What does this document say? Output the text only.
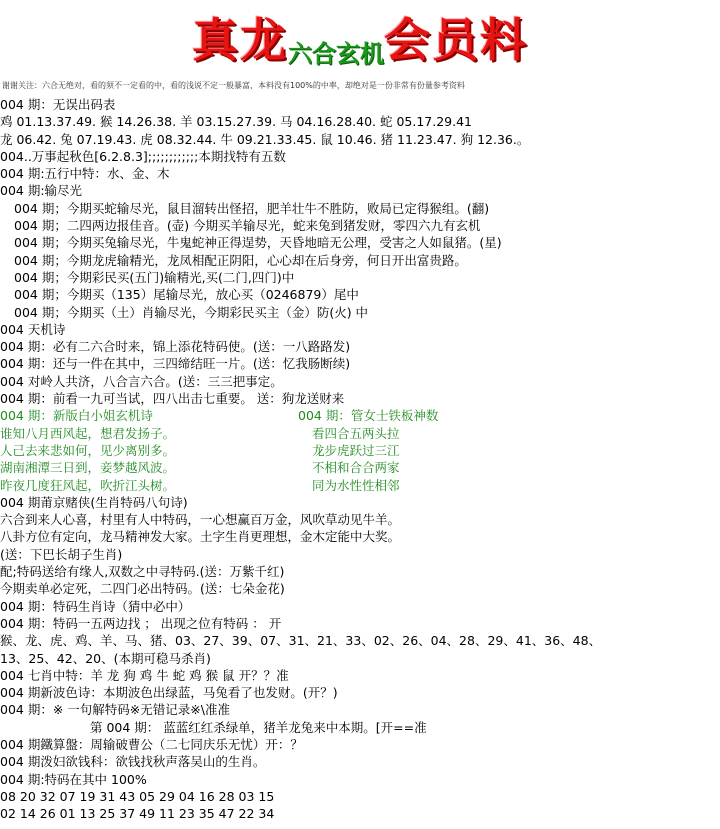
真龙六合玄机会员料
谢谢关注：六合无绝对，看的须不一定看的中，看的浅说不定一般暴富，本料没有100%的中率，却绝对是一份非常有份量参考资料
004 期：无误出码表
鸡 01.13.37.49. 猴 14.26.38. 羊 03.15.27.39. 马 04.16.28.40. 蛇 05.17.29.41
龙 06.42. 兔 07.19.43. 虎 08.32.44. 牛 09.21.33.45. 鼠 10.46. 猪 11.23.47. 狗 12.36.。
004..万事起秋色[6.2.8.3];;;;;;;;;;;;本期找特有五数
004 期:五行中特：水、金、木
004 期:输尽光
004 期；今期买蛇输尽光，鼠目溜转出怪招，肥羊壮牛不胜防，败局已定得猴组。(翻)
004 期；二四两边报佳音。(壶) 今期买羊输尽光，蛇来兔到猪发财，零四六九有玄机
004 期；今期买兔输尽光，牛鬼蛇神正得逞势，天昏地暗无公理，受害之人如鼠猪。(星)
004 期；今期龙虎输精光，龙凤相配正阴阳，心心却在后身旁，何日开出富贵路。
004 期；今期彩民买(五门)输精光,买(二门,四门)中
004 期；今期买（135）尾输尽光，放心买（0246879）尾中
004 期；今期买（土）肖输尽光，今期彩民买主（金）防(火) 中
004 天机诗
004 期：必有二六合时来，锦上添花特码使。(送：一八路路发)
004 期：还与一件在其中，三四缔结旺一片。(送：忆我肠断续)
004 对岭人共济，八合言六合。(送：三三把事定。
004 期：前看一九可当试，四八出击七重要。 送：狗龙送财来
004 期：新版白小姐玄机诗	004 期：管女士铁板神数
谁知八月西风起，想君发扬子。	看四合五两头拉
人己去来悲如何，见少离别多。	龙步虎跃过三江
湖南湘潭三日到，妾梦越风波。	不相和合合两家
昨夜几度狂风起，吹折江头树。	同为水性性相邻
004 期莆京赌侠(生肖特码八句诗)
六合到来人心喜，村里有人中特码，一心想赢百万金，风吹草动见牛羊。
八卦方位有定向，龙马精神发大家。土字生肖更理想，金木定能中大奖。
(送：下巴长胡子生肖)
配;特码送给有缘人,双数之中寻特码.(送：万紫千红)
今期卖单必定死，二四门必出特码。(送：七朵金花)
004 期：特码生肖诗（猜中必中）
004 期：特码一五两边找 ； 出现之位有特码 ： 开
猴、龙、虎、鸡、羊、马、猪、03、27、39、07、31、21、33、02、26、04、28、29、41、36、48、
13、25、42、20、(本期可稳马杀肖)
004 七肖中特：羊 龙 狗 鸡 牛 蛇 鸡 猴 鼠 开？？准
004 期新波色诗：本期波色出绿蓝，马兔看了也发财。(开？)
004 期：※ 一句解特码※无错记录※\准准
第 004 期： 蓝蓝红红杀绿单，猪羊龙兔来中本期。[开==准
004 期鐵算盤：周输破曹公（二七同庆乐无忧）开：？
004 期泼妇欲钱科：欲钱找秋声落吴山的生肖。
004 期:特码在其中 100%
08 20 32 07 19 31 43 05 29 04 16 28 03 15
02 14 26 01 13 25 37 49 11 23 35 47 22 34
